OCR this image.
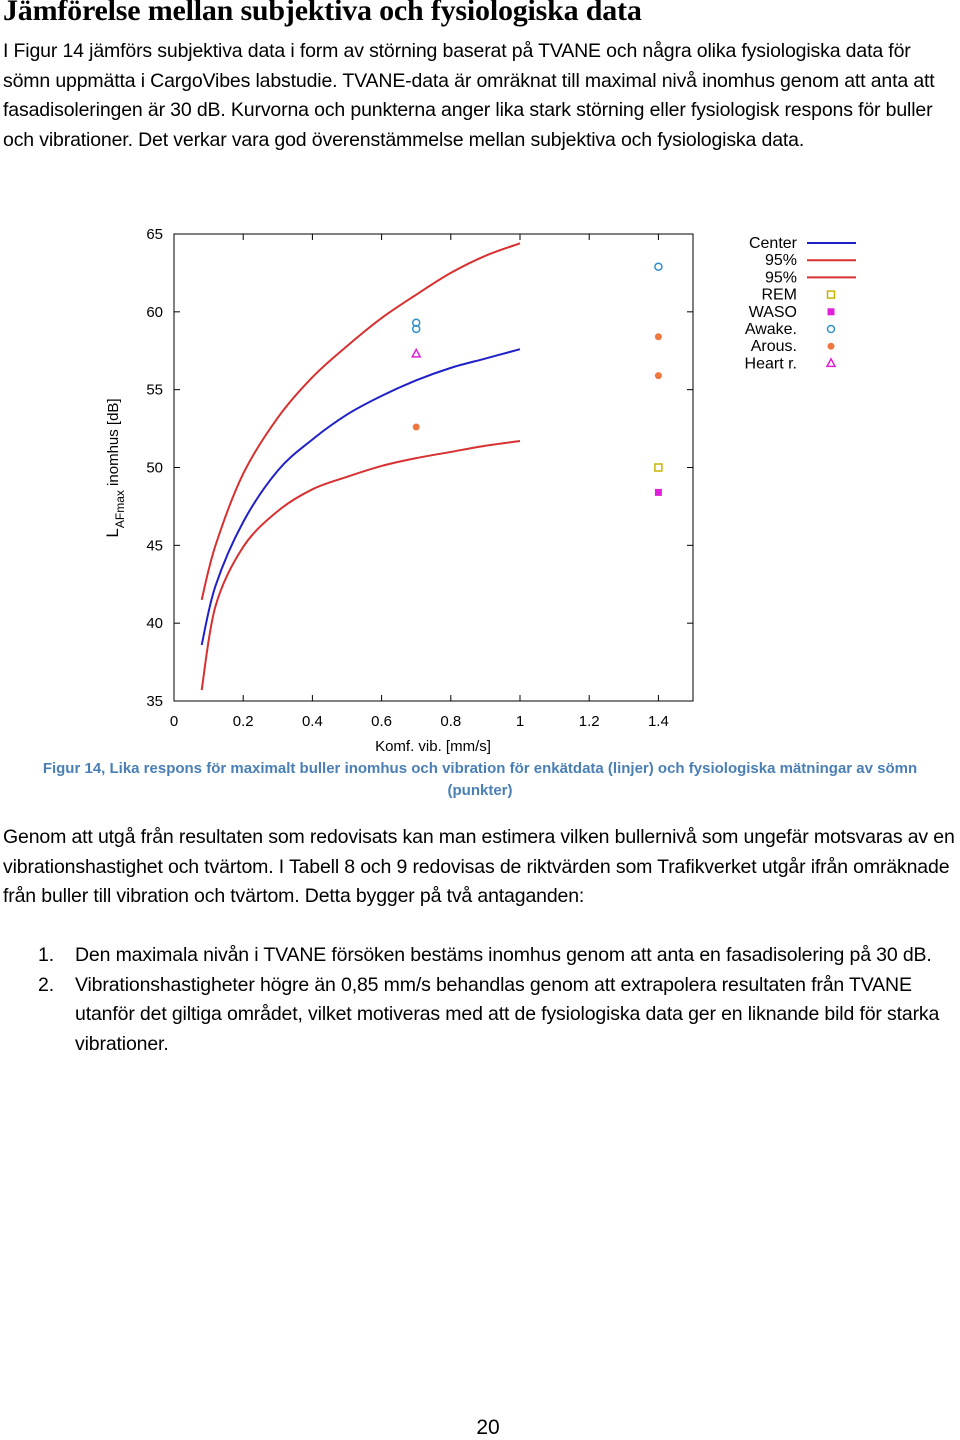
Jämförelse mellan subjektiva och fysiologiska data

I Figur 14 jämförs subjektiva data i form av störning baserat på TVANE och några olika fysiologiska data för sömn uppmätta i CargoVibes labstudie. TVANE-data är omräknat till maximal nivå inomhus genom att anta att fasadisoleringen är 30 dB. Kurvorna och punkterna anger lika stark störning eller fysiologisk respons för buller och vibrationer. Det verkar vara god överenstämmelse mellan subjektiva och fysiologiska data.

0	0.2	0.4	0.6	0.8	1	1.2	1.4
35
40
45
50
55
60
65
Center
95%
95%
REM
WASO
Awake.
Arous.
Heart r.
Komf. vib. [mm/s]
$L_{AFmax}$ inomhus [dB]

Figur 14, Lika respons för maximalt buller inomhus och vibration för enkätdata (linjer) och fysiologiska mätningar av sömn (punkter)

Genom att utgå från resultaten som redovisats kan man estimera vilken bullernivå som ungefär motsvaras av en vibrationshastighet och tvärtom. I Tabell 8 och 9 redovisas de riktvärden som Trafikverket utgår ifrån omräknade från buller till vibration och tvärtom. Detta bygger på två antaganden:

1. Den maximala nivån i TVANE försöken bestäms inomhus genom att anta en fasadisolering på 30 dB.
2. Vibrationshastigheter högre än 0,85 mm/s behandlas genom att extrapolera resultaten från TVANE utanför det giltiga området, vilket motiveras med att de fysiologiska data ger en liknande bild för starka vibrationer.
20
